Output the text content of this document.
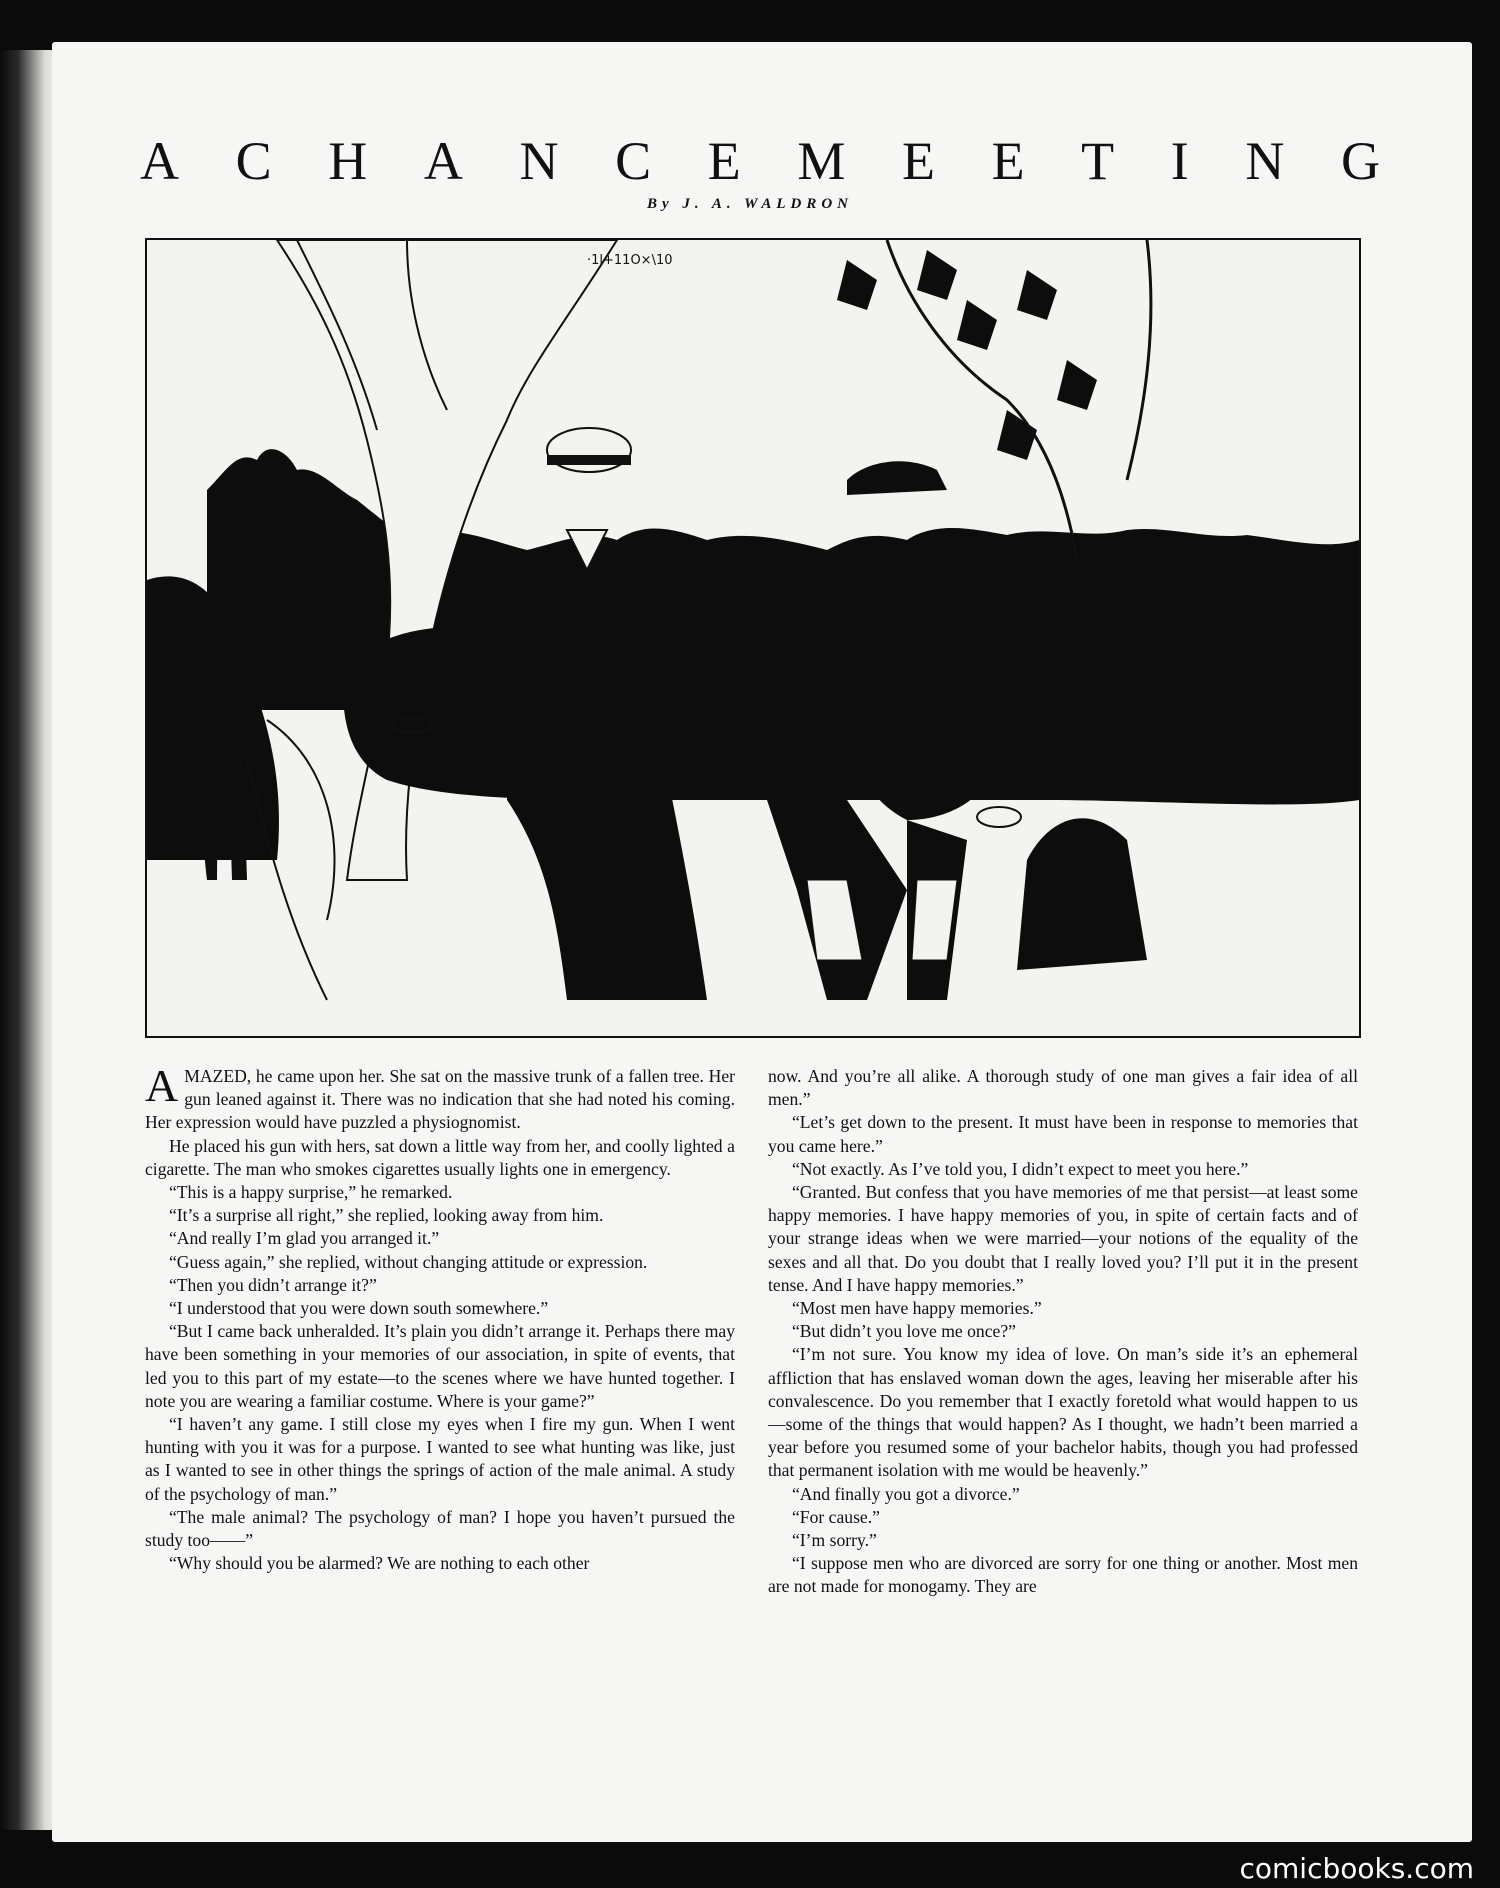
A C H A N C E M E E T I N G
By J. A. WALDRON
·1l+11O×\10

AMAZED, he came upon her. She sat on the massive trunk of a fallen tree. Her gun leaned against it. There was no indication that she had noted his coming. Her expression would have puzzled a physiognomist.

He placed his gun with hers, sat down a little way from her, and coolly lighted a cigarette. The man who smokes cigarettes usually lights one in emergency.

“This is a happy surprise,” he remarked.

“It’s a surprise all right,” she replied, looking away from him.

“And really I’m glad you arranged it.”

“Guess again,” she replied, without changing attitude or expression.

“Then you didn’t arrange it?”

“I understood that you were down south somewhere.”

“But I came back unheralded. It’s plain you didn’t arrange it. Perhaps there may have been something in your memories of our association, in spite of events, that led you to this part of my estate—to the scenes where we have hunted together. I note you are wearing a familiar costume. Where is your game?”

“I haven’t any game. I still close my eyes when I fire my gun. When I went hunting with you it was for a purpose. I wanted to see what hunting was like, just as I wanted to see in other things the springs of action of the male animal. A study of the psychology of man.”

“The male animal? The psychology of man? I hope you haven’t pursued the study too——”

“Why should you be alarmed? We are nothing to each other

now. And you’re all alike. A thorough study of one man gives a fair idea of all men.”

“Let’s get down to the present. It must have been in response to memories that you came here.”

“Not exactly. As I’ve told you, I didn’t expect to meet you here.”

“Granted. But confess that you have memories of me that persist—at least some happy memories. I have happy memories of you, in spite of certain facts and of your strange ideas when we were married—your notions of the equality of the sexes and all that. Do you doubt that I really loved you? I’ll put it in the present tense. And I have happy memories.”

“Most men have happy memories.”

“But didn’t you love me once?”

“I’m not sure. You know my idea of love. On man’s side it’s an ephemeral affliction that has enslaved woman down the ages, leaving her miserable after his convalescence. Do you remember that I exactly foretold what would happen to us—some of the things that would happen? As I thought, we hadn’t been married a year before you resumed some of your bachelor habits, though you had professed that permanent isolation with me would be heavenly.”

“And finally you got a divorce.”

“For cause.”

“I’m sorry.”

“I suppose men who are divorced are sorry for one thing or another. Most men are not made for monogamy. They are

comicbooks.com
